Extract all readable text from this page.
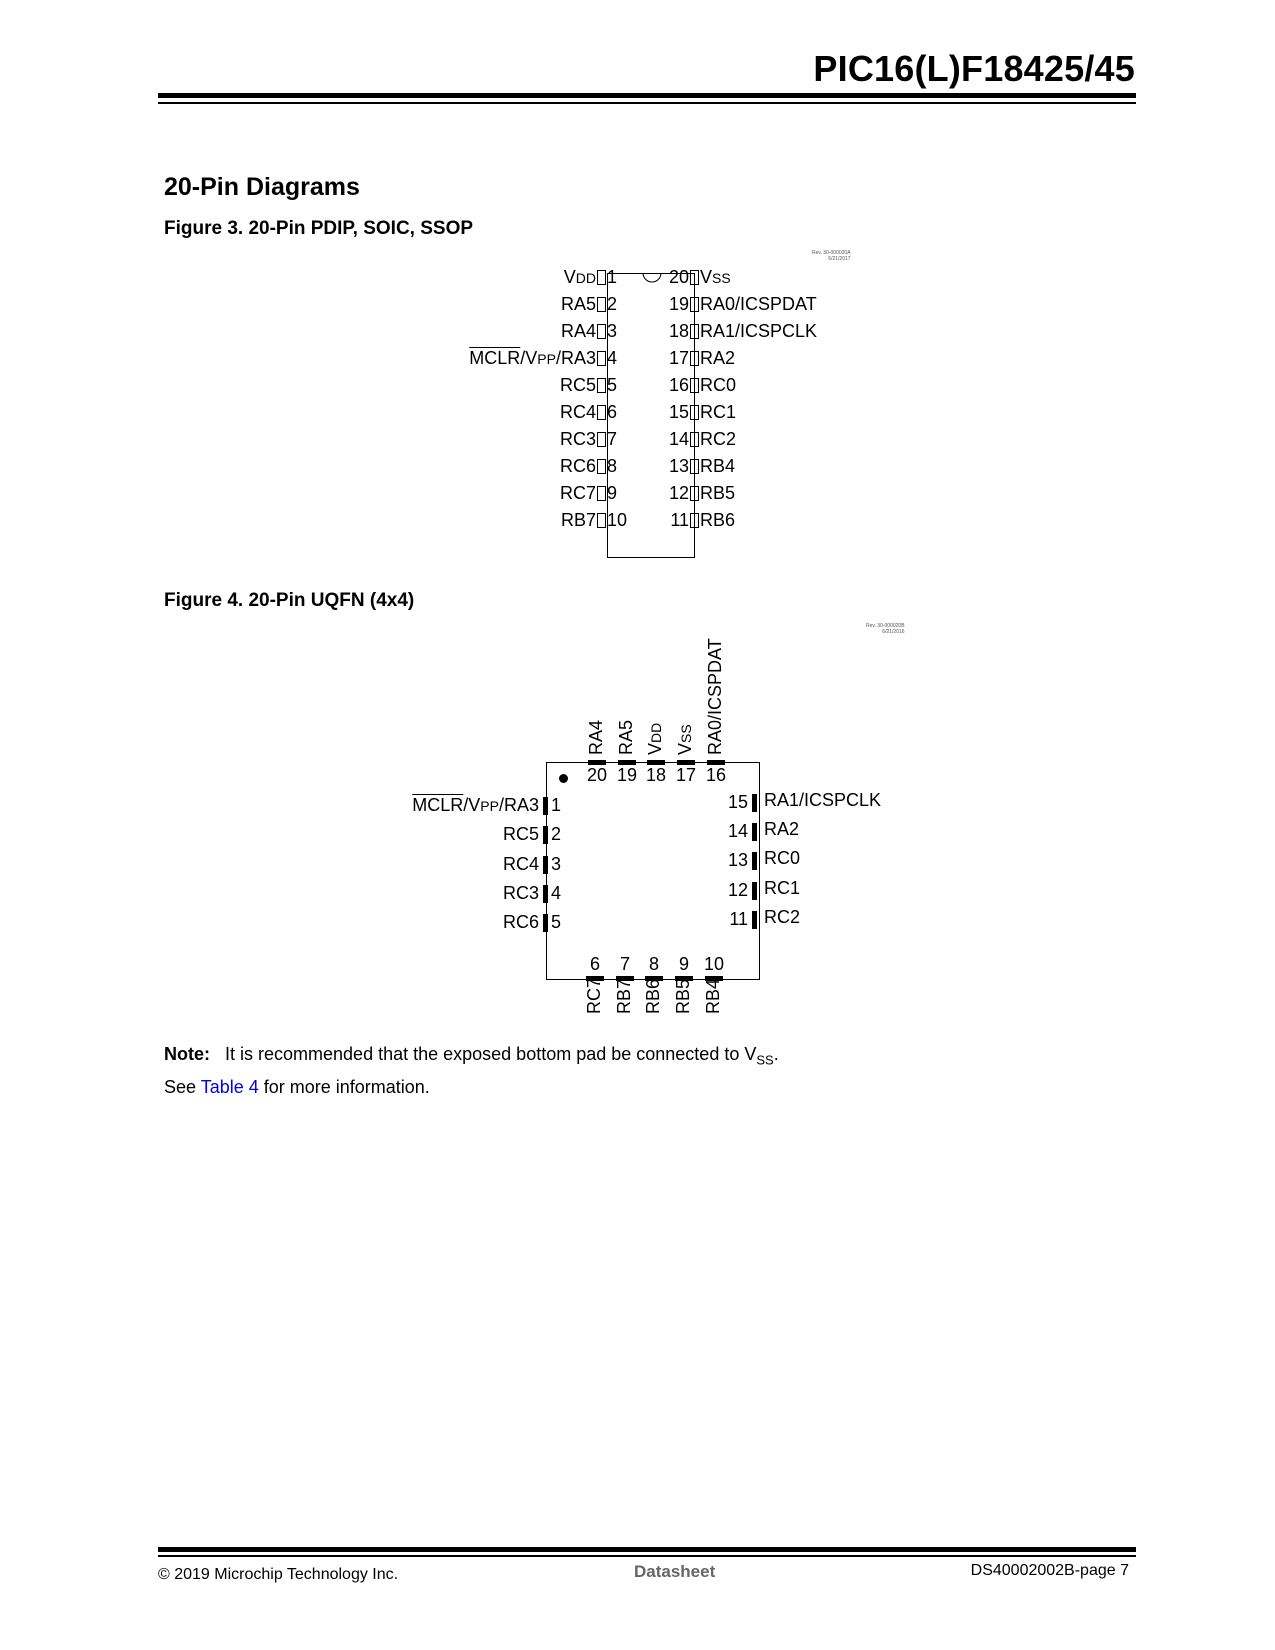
PIC16(L)F18425/45
20-Pin Diagrams
Figure 3. 20-Pin PDIP, SOIC, SSOP
Rev. 30-000020A
6/21/2017
VDD 1
RA5 2
RA4 3
MCLR/VPP/RA3 4
RC5 5
RC4 6
RC3 7
RC6 8
RC7 9
RB7 10
20 VSS
19 RA0/ICSPDAT
18 RA1/ICSPCLK
17 RA2
16 RC0
15 RC1
14 RC2
13 RB4
12 RB5
11 RB6
Figure 4. 20-Pin UQFN (4x4)
Rev. 30-000020B
6/21/2016
20
RA4
19
RA5
18
VDD
17
VSS
16
RA0/ICSPDAT
6
RC7
7
RB7
8
RB6
9
RB5
10
RB4
1
MCLR/VPP/RA3
2
RC5
3
RC4
4
RC3
5
RC6
15 RA1/ICSPCLK
14 RA2
13 RC0
12 RC1
11 RC2
Note: It is recommended that the exposed bottom pad be connected to $V_{SS}$.
See Table 4 for more information.
© 2019 Microchip Technology Inc.	Datasheet	DS40002002B-page 7
